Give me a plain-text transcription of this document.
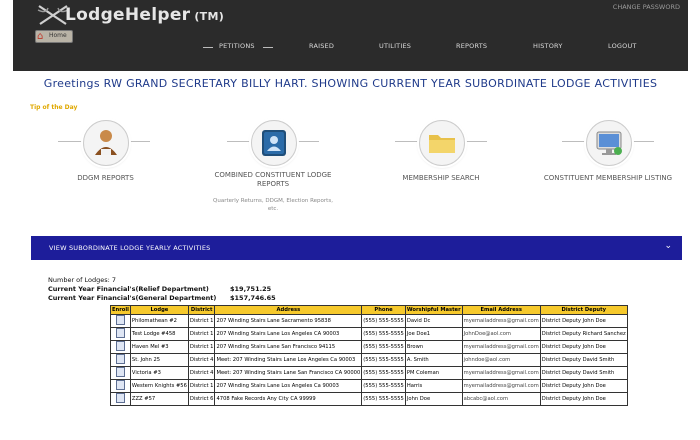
LodgeHelper (TM)
⌂ Home
CHANGE PASSWORD
PETITIONS	RAISED	UTILITIES	REPORTS	HISTORY	LOGOUT
Greetings RW GRAND SECRETARY BILLY HART. SHOWING CURRENT YEAR SUBORDINATE LODGE ACTIVITIES
Tip of the Day
DDGM REPORTS	COMBINED CONSTITUENT LODGE REPORTS
Quarterly Returns, DDGM, Election Reports, etc.
MEMBERSHIP SEARCH	CONSTITUENT MEMBERSHIP LISTING
VIEW SUBORDINATE LODGE YEARLY ACTIVITIES	⌄
Number of Lodges: 7
Current Year Financial's(Relief Department)	$19,751.25
Current Year Financial's(General Department) $157,746.65
Enroll	Lodge	District	Address	Phone	Worshipful Master	Email Address	District Deputy
	Philomathean #2	District 1	207 Winding Stairs Lane Sacramento 95838	(555) 555-5555	David Dc	myemailaddress@gmail.com	District Deputy John Doe
	Test Lodge #458	District 1	207 Winding Stairs Lane Los Angeles CA 90003	(555) 555-5555	Joe Doe1	JohnDoe@aol.com	District Deputy Richard Sanchez
	Haven Mel #3	District 1	207 Winding Stairs Lane San Francisco 94115	(555) 555-5555	Brown	myemailaddress@gmail.com	District Deputy John Doe
	St. John 25	District 4	Meet: 207 Winding Stairs Lane Los Angeles Ca 90003	(555) 555-5555	A. Smith	johndoe@aol.com	District Deputy David Smith
	Victoria #3	District 4	Meet: 207 Winding Stairs Lane San Francisco CA 90000	(555) 555-5555	PM Coleman	myemailaddress@gmail.com	District Deputy David Smith
	Western Knights #56	District 1	207 Winding Stairs Lane Los Angeles Ca 90003	(555) 555-5555	Harris	myemailaddress@gmail.com	District Deputy John Doe
	ZZZ #57	District 6	4708 Fake Records Any City CA 99999	(555) 555-5555	John Doe	abcabc@aol.com	District Deputy John Doe
